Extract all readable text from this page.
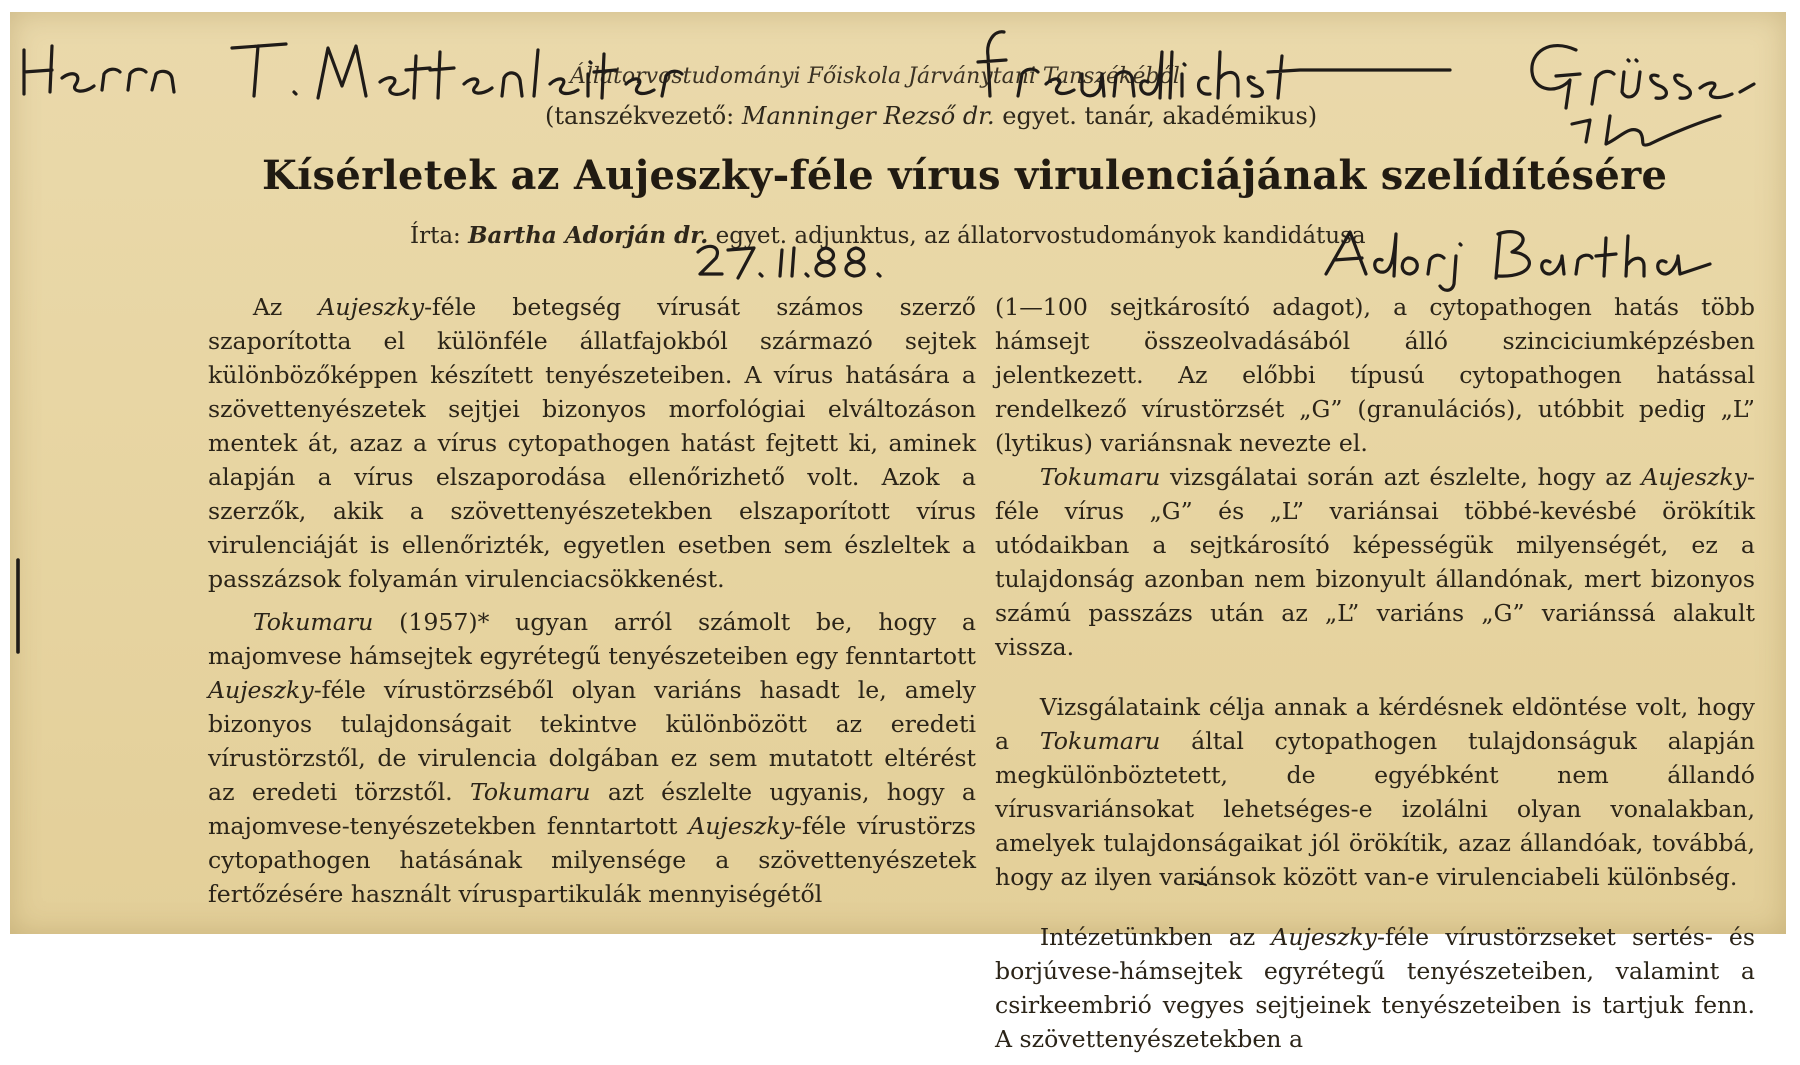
Állatorvostudományi Főiskola Járványtani Tanszékéből
(tanszékvezető: Manninger Rezső dr. egyet. tanár, akadémikus)
Kísérletek az Aujeszky-féle vírus virulenciájának szelídítésére
Írta: Bartha Adorján dr. egyet. adjunktus, az állatorvostudományok kandidátusa

Az Aujeszky-féle betegség vírusát számos szerző szaporította el különféle állatfajokból származó sejtek különbözőképpen készített tenyészeteiben. A vírus hatására a szövettenyészetek sejtjei bizonyos morfológiai elváltozáson mentek át, azaz a vírus cytopathogen hatást fejtett ki, aminek alapján a vírus elszaporodása ellenőrizhető volt. Azok a szerzők, akik a szövettenyészetekben elszaporított vírus virulenciáját is ellenőrizték, egyetlen esetben sem észleltek a passzázsok folyamán virulenciacsökkenést.

Tokumaru (1957)* ugyan arról számolt be, hogy a majomvese hámsejtek egyrétegű tenyészeteiben egy fenntartott Aujeszky-féle vírustörzséből olyan variáns hasadt le, amely bizonyos tulajdonságait tekintve különbözött az eredeti vírustörzstől, de virulencia dolgában ez sem mutatott eltérést az eredeti törzstől. Tokumaru azt észlelte ugyanis, hogy a majomvese-tenyészetekben fenntartott Aujeszky-féle vírustörzs cytopathogen hatásának milyensége a szövettenyészetek fertőzésére használt víruspartikulák mennyiségétől

(1—100 sejtkárosító adagot), a cytopathogen hatás több hámsejt összeolvadásából álló szinciciumképzésben jelentkezett. Az előbbi típusú cytopathogen hatással rendelkező vírustörzsét „G” (granulációs), utóbbit pedig „L” (lytikus) variánsnak nevezte el.

Tokumaru vizsgálatai során azt észlelte, hogy az Aujeszky-féle vírus „G” és „L” variánsai többé-kevésbé örökítik utódaikban a sejtkárosító képességük milyenségét, ez a tulajdonság azonban nem bizonyult állandónak, mert bizonyos számú passzázs után az „L” variáns „G” variánssá alakult vissza.

Vizsgálataink célja annak a kérdésnek eldöntése volt, hogy a Tokumaru által cytopathogen tulajdonságuk alapján megkülönböztetett, de egyébként nem állandó vírusvariánsokat lehetséges-e izolálni olyan vonalakban, amelyek tulajdonságaikat jól örökítik, azaz állandóak, továbbá, hogy az ilyen variánsok között van-e virulenciabeli különbség.

Intézetünkben az Aujeszky-féle vírustörzseket sertés- és borjúvese-hámsejtek egyrétegű tenyészeteiben, valamint a csirkeembrió vegyes sejtjeinek tenyészeteiben is tartjuk fenn. A szövettenyészetekben a
